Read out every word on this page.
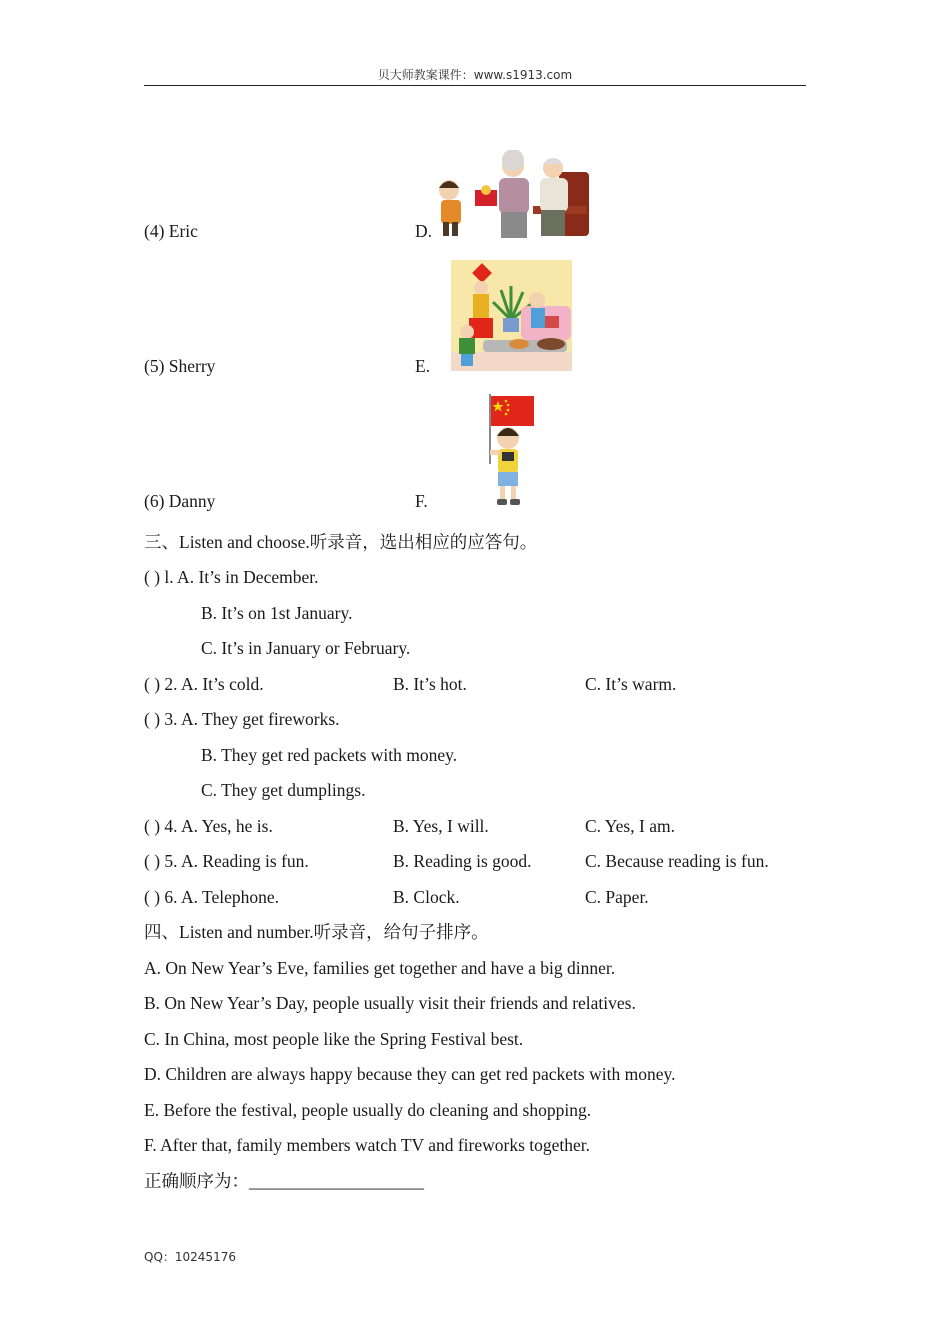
贝大师教案课件：www.s1913.com
(4) Eric	D.
(5) Sherry	E.
(6) Danny	F.
三、Listen and choose.听录音，选出相应的应答句。
( ) l. A. It’s in December.
B. It’s on 1st January.
C. It’s in January or February.
( ) 2. A. It’s cold.	B. It’s hot.	C. It’s warm.
( ) 3. A. They get fireworks.
B. They get red packets with money.
C. They get dumplings.
( ) 4. A. Yes, he is.	B. Yes, I will.	C. Yes, I am.
( ) 5. A. Reading is fun.	B. Reading is good.	C. Because reading is fun.
( ) 6. A. Telephone.	B. Clock.	C. Paper.
四、Listen and number.听录音，给句子排序。
A. On New Year’s Eve, families get together and have a big dinner.
B. On New Year’s Day, people usually visit their friends and relatives.
C. In China, most people like the Spring Festival best.
D. Children are always happy because they can get red packets with money.
E. Before the festival, people usually do cleaning and shopping.
F. After that, family members watch TV and fireworks together.
正确顺序为：____________________
QQ：10245176
